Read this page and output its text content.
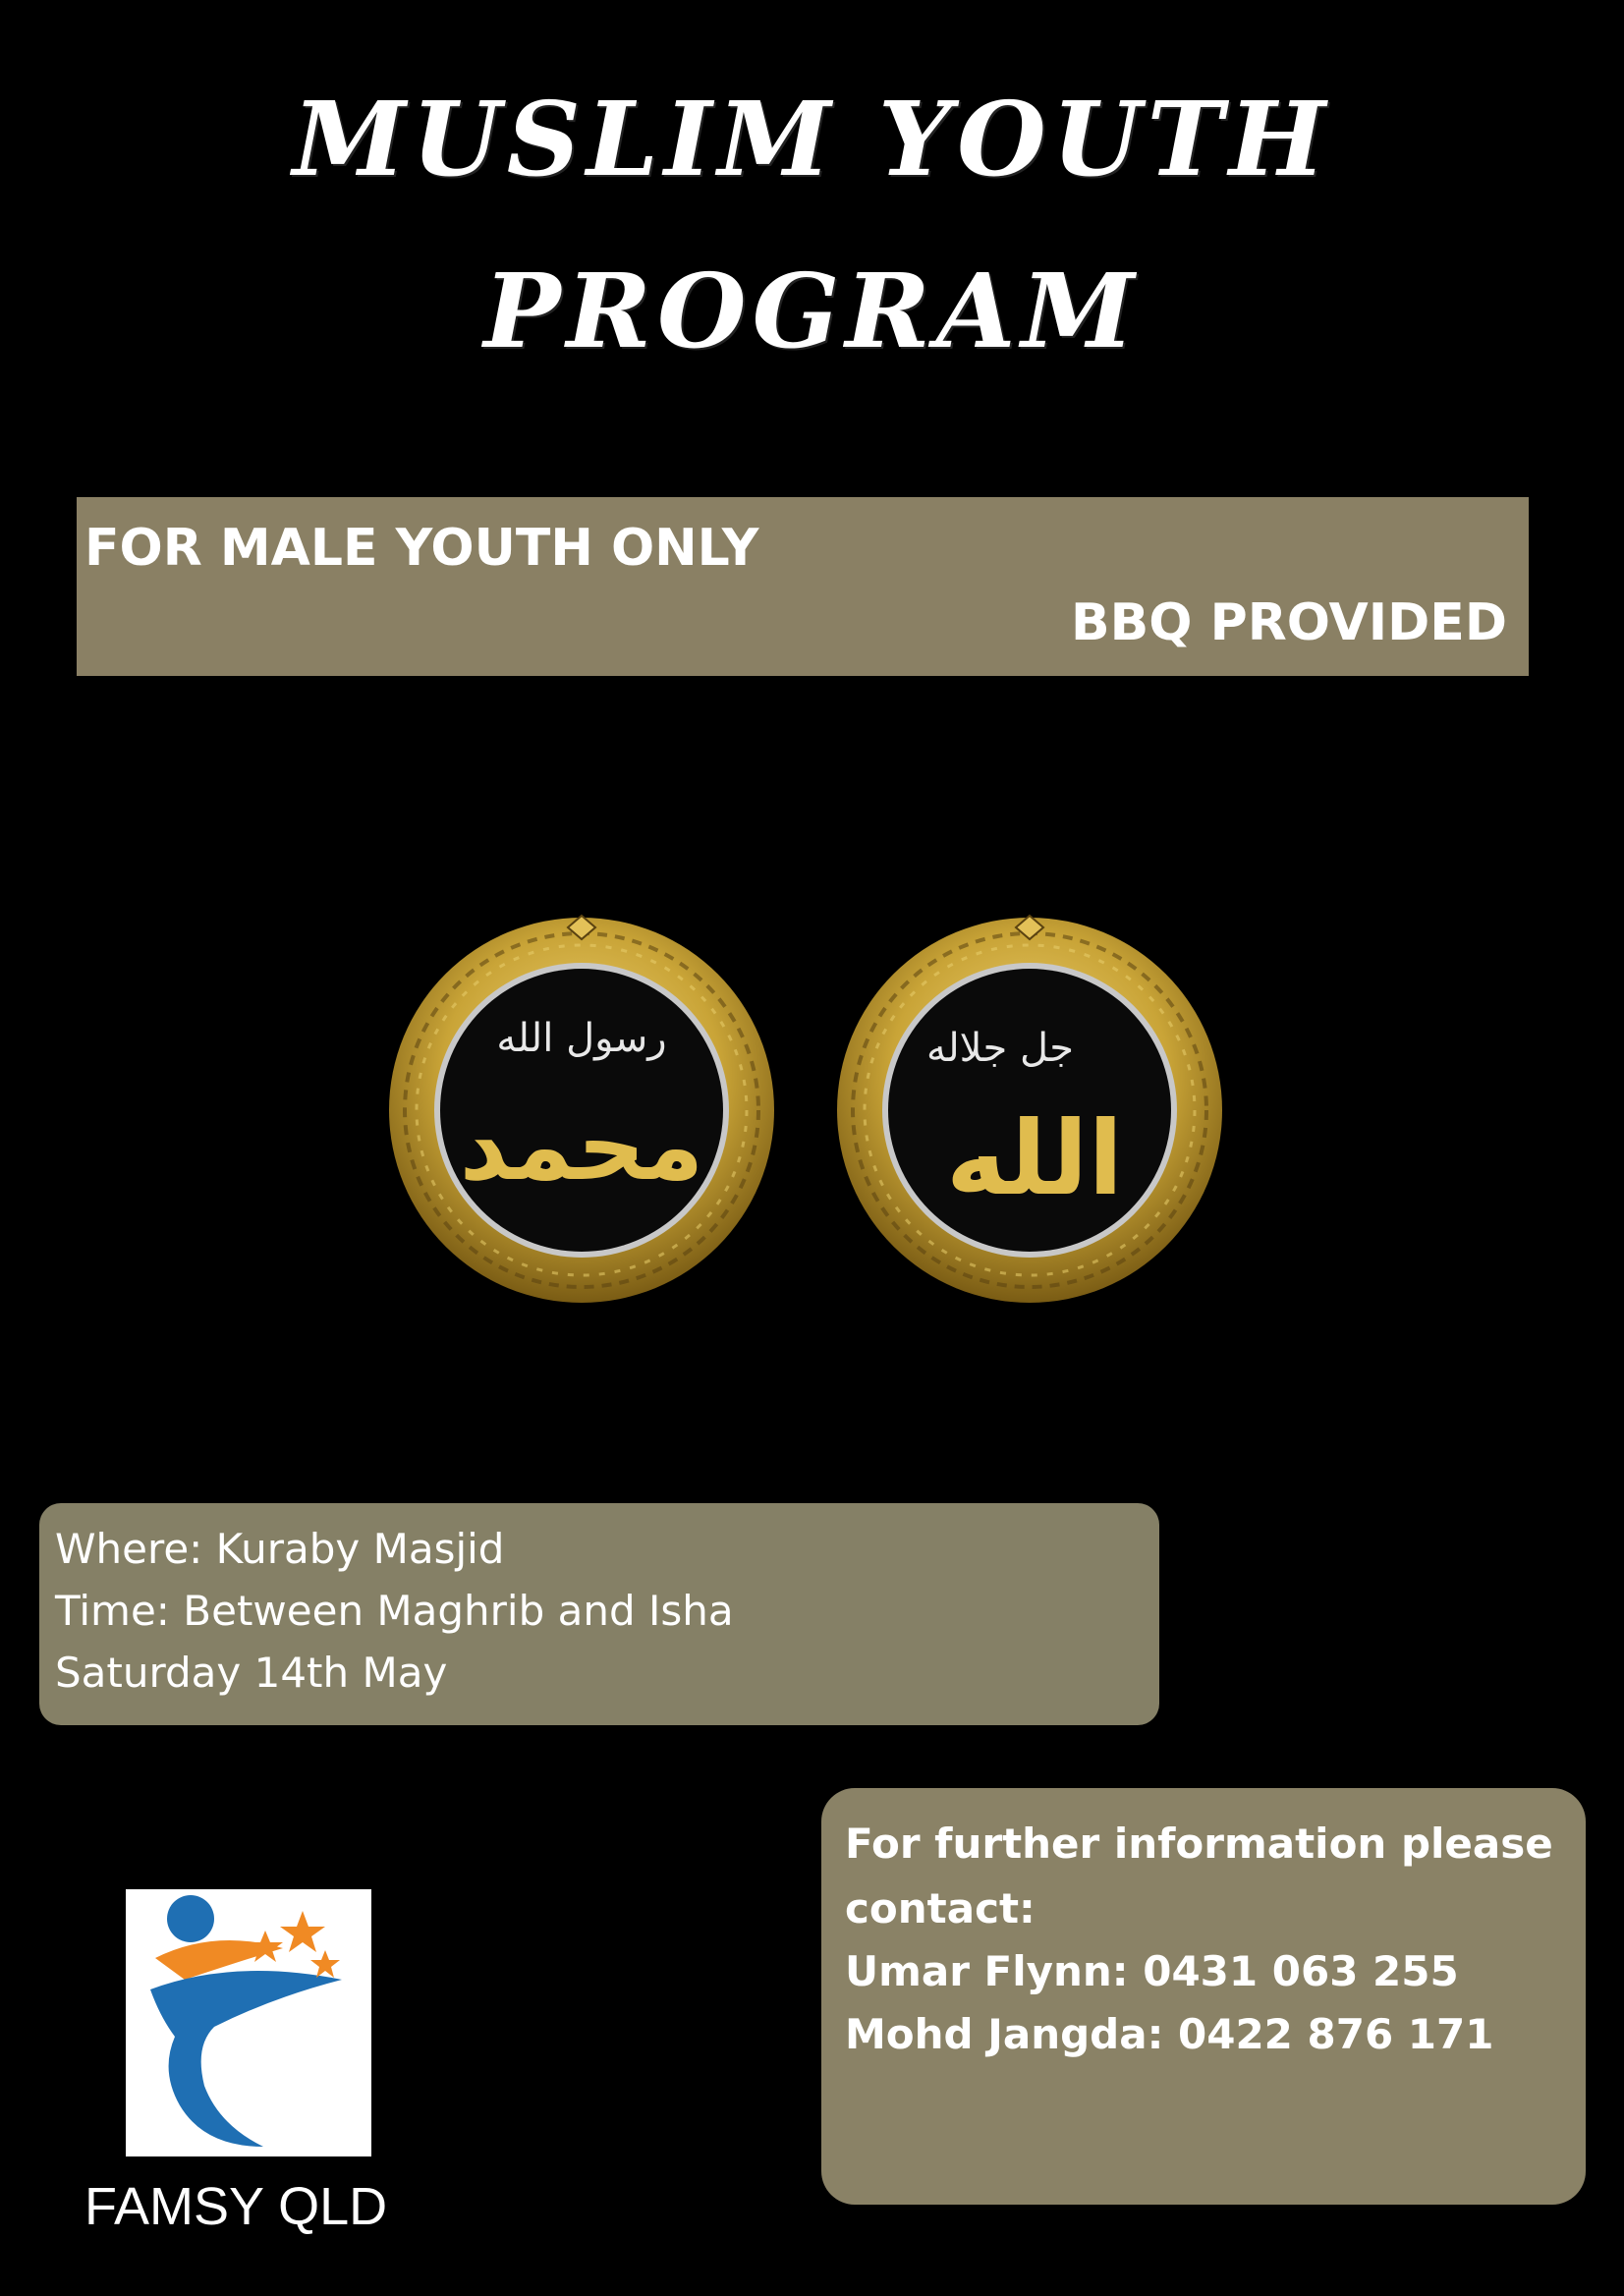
MUSLIM YOUTH
PROGRAM
FOR MALE YOUTH ONLY
BBQ PROVIDED
رسول الله
محمد
جل جلاله
الله
Where: Kuraby Masjid
Time: Between Maghrib and Isha
Saturday 14th May
For further information please
contact:
Umar Flynn: 0431 063 255
Mohd Jangda: 0422 876 171
FAMSY QLD
